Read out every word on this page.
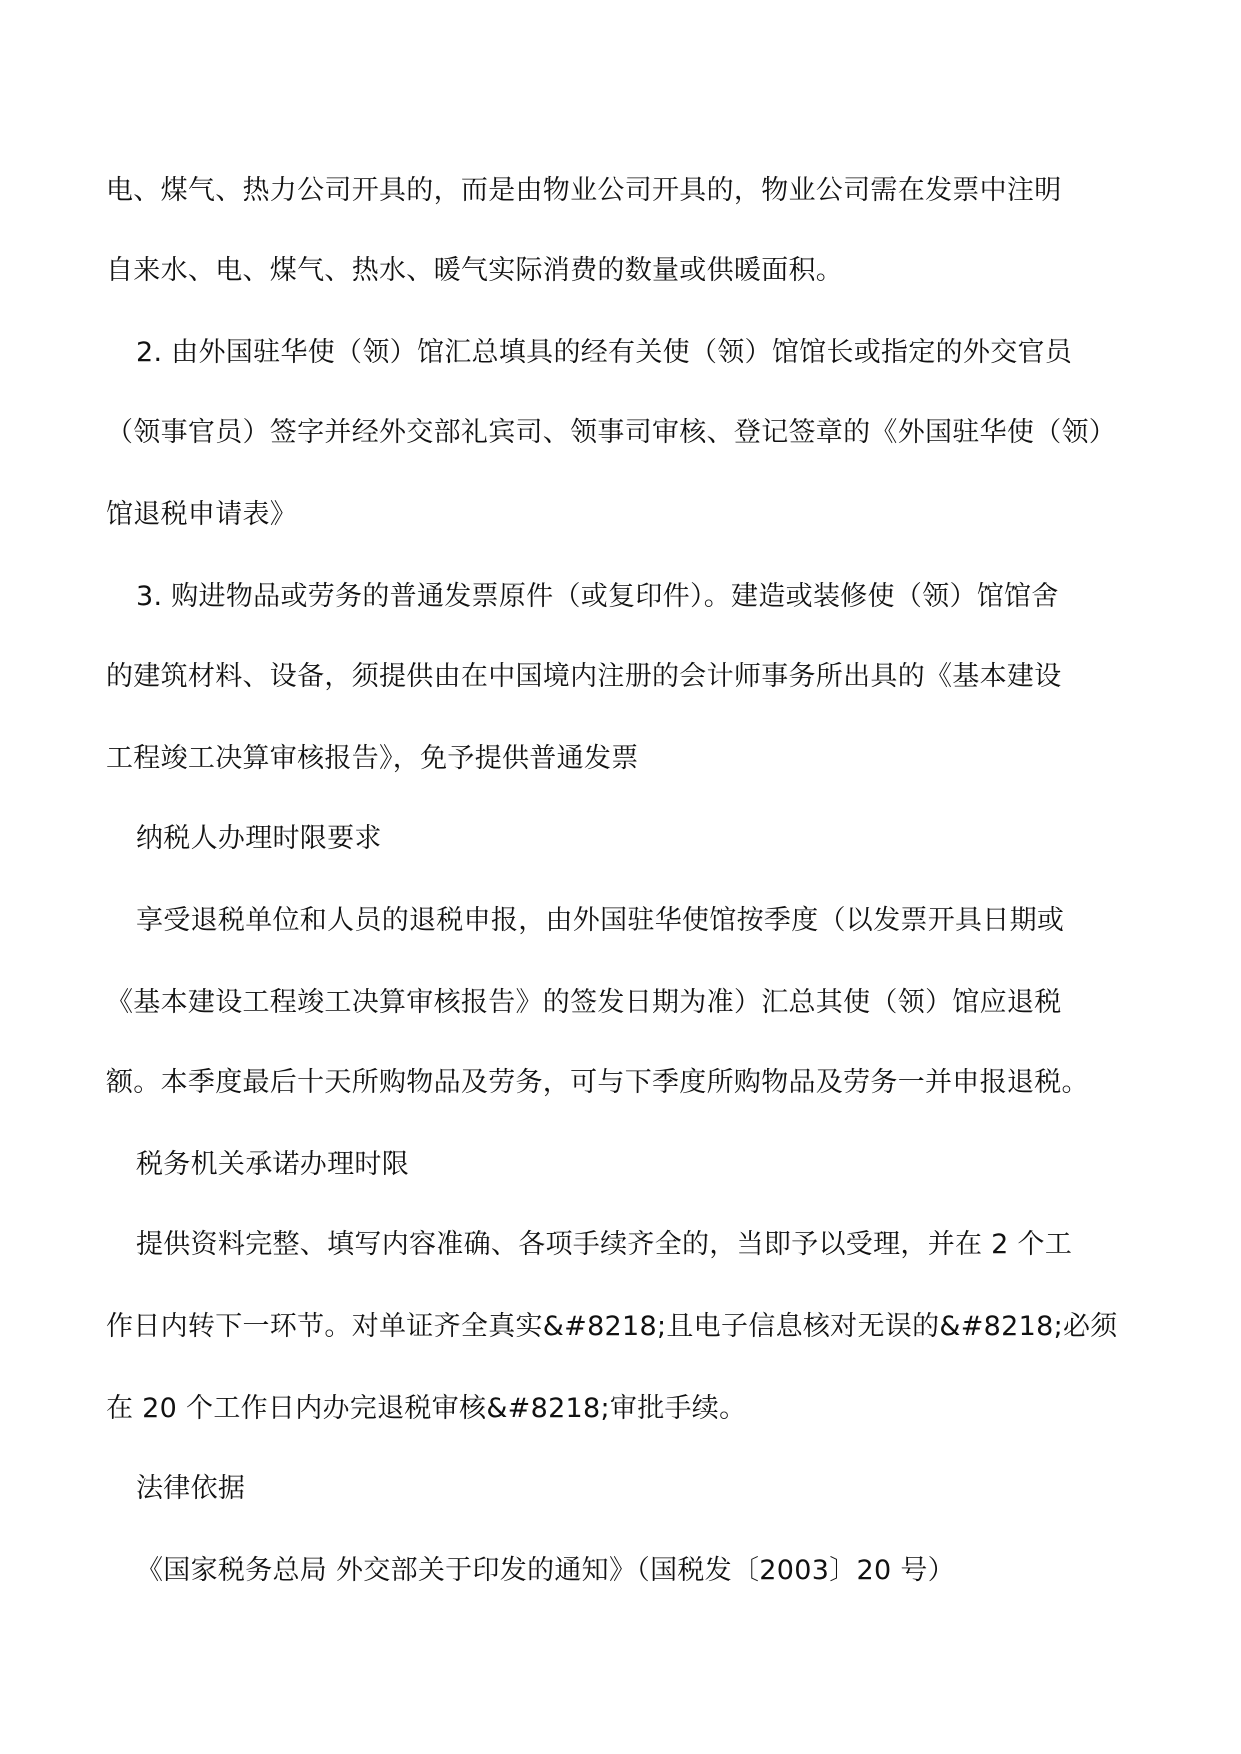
电、煤气、热力公司开具的，而是由物业公司开具的，物业公司需在发票中注明
自来水、电、煤气、热水、暖气实际消费的数量或供暖面积。
2. 由外国驻华使（领）馆汇总填具的经有关使（领）馆馆长或指定的外交官员
（领事官员）签字并经外交部礼宾司、领事司审核、登记签章的《外国驻华使（领）
馆退税申请表》
3. 购进物品或劳务的普通发票原件（或复印件）。建造或装修使（领）馆馆舍
的建筑材料、设备，须提供由在中国境内注册的会计师事务所出具的《基本建设
工程竣工决算审核报告》，免予提供普通发票
纳税人办理时限要求
享受退税单位和人员的退税申报，由外国驻华使馆按季度（以发票开具日期或
《基本建设工程竣工决算审核报告》的签发日期为准）汇总其使（领）馆应退税
额。本季度最后十天所购物品及劳务，可与下季度所购物品及劳务一并申报退税。
税务机关承诺办理时限
提供资料完整、填写内容准确、各项手续齐全的，当即予以受理，并在 2 个工
作日内转下一环节。对单证齐全真实&#8218;且电子信息核对无误的&#8218;必须
在 20 个工作日内办完退税审核&#8218;审批手续。
法律依据
《国家税务总局 外交部关于印发的通知》（国税发〔2003〕20 号）
